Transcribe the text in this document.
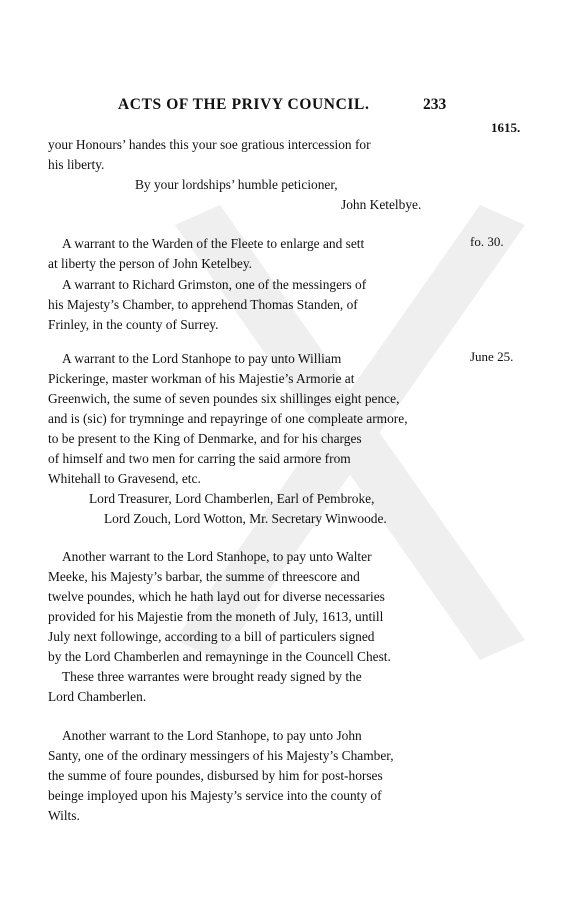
ACTS OF THE PRIVY COUNCIL.	233
1615.
fo. 30.
June 25.
your Honours’ handes this your soe gratious intercession for
his liberty.
By your lordships’ humble peticioner,
John Ketelbye.
A warrant to the Warden of the Fleete to enlarge and sett
at liberty the person of John Ketelbey.
A warrant to Richard Grimston, one of the messingers of
his Majesty’s Chamber, to apprehend Thomas Standen, of
Frinley, in the county of Surrey.
A warrant to the Lord Stanhope to pay unto William
Pickeringe, master workman of his Majestie’s Armorie at
Greenwich, the sume of seven poundes six shillinges eight pence,
and is (sic) for trymninge and repayringe of one compleate armore,
to be present to the King of Denmarke, and for his charges
of himself and two men for carring the said armore from
Whitehall to Gravesend, etc.
Lord Treasurer, Lord Chamberlen, Earl of Pembroke,
Lord Zouch, Lord Wotton, Mr. Secretary Winwoode.
Another warrant to the Lord Stanhope, to pay unto Walter
Meeke, his Majesty’s barbar, the summe of threescore and
twelve poundes, which he hath layd out for diverse necessaries
provided for his Majestie from the moneth of July, 1613, untill
July next followinge, according to a bill of particulers signed
by the Lord Chamberlen and remayninge in the Councell Chest.
These three warrantes were brought ready signed by the
Lord Chamberlen.
Another warrant to the Lord Stanhope, to pay unto John
Santy, one of the ordinary messingers of his Majesty’s Chamber,
the summe of foure poundes, disbursed by him for post-horses
beinge imployed upon his Majesty’s service into the county of
Wilts.
